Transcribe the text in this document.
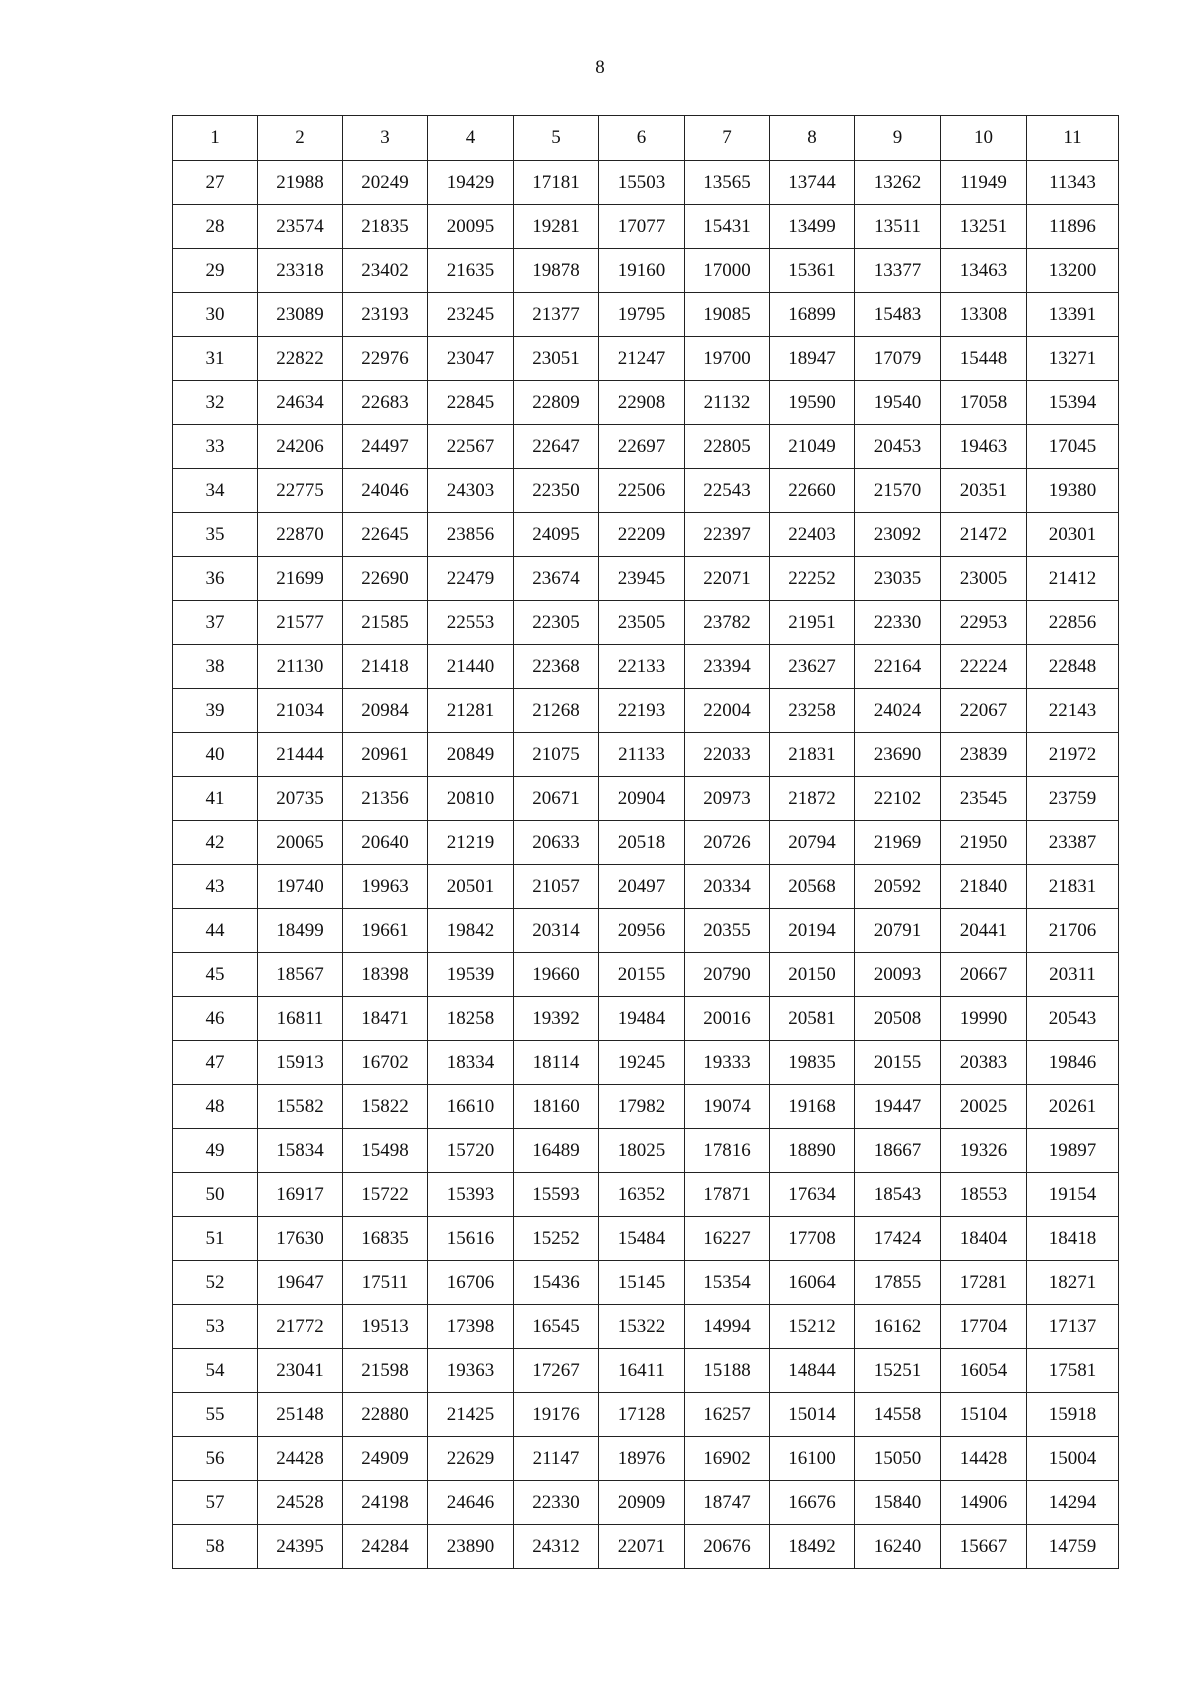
8
1	2	3	4	5	6	7	8	9	10	11
27	21988	20249	19429	17181	15503	13565	13744	13262	11949	11343
28	23574	21835	20095	19281	17077	15431	13499	13511	13251	11896
29	23318	23402	21635	19878	19160	17000	15361	13377	13463	13200
30	23089	23193	23245	21377	19795	19085	16899	15483	13308	13391
31	22822	22976	23047	23051	21247	19700	18947	17079	15448	13271
32	24634	22683	22845	22809	22908	21132	19590	19540	17058	15394
33	24206	24497	22567	22647	22697	22805	21049	20453	19463	17045
34	22775	24046	24303	22350	22506	22543	22660	21570	20351	19380
35	22870	22645	23856	24095	22209	22397	22403	23092	21472	20301
36	21699	22690	22479	23674	23945	22071	22252	23035	23005	21412
37	21577	21585	22553	22305	23505	23782	21951	22330	22953	22856
38	21130	21418	21440	22368	22133	23394	23627	22164	22224	22848
39	21034	20984	21281	21268	22193	22004	23258	24024	22067	22143
40	21444	20961	20849	21075	21133	22033	21831	23690	23839	21972
41	20735	21356	20810	20671	20904	20973	21872	22102	23545	23759
42	20065	20640	21219	20633	20518	20726	20794	21969	21950	23387
43	19740	19963	20501	21057	20497	20334	20568	20592	21840	21831
44	18499	19661	19842	20314	20956	20355	20194	20791	20441	21706
45	18567	18398	19539	19660	20155	20790	20150	20093	20667	20311
46	16811	18471	18258	19392	19484	20016	20581	20508	19990	20543
47	15913	16702	18334	18114	19245	19333	19835	20155	20383	19846
48	15582	15822	16610	18160	17982	19074	19168	19447	20025	20261
49	15834	15498	15720	16489	18025	17816	18890	18667	19326	19897
50	16917	15722	15393	15593	16352	17871	17634	18543	18553	19154
51	17630	16835	15616	15252	15484	16227	17708	17424	18404	18418
52	19647	17511	16706	15436	15145	15354	16064	17855	17281	18271
53	21772	19513	17398	16545	15322	14994	15212	16162	17704	17137
54	23041	21598	19363	17267	16411	15188	14844	15251	16054	17581
55	25148	22880	21425	19176	17128	16257	15014	14558	15104	15918
56	24428	24909	22629	21147	18976	16902	16100	15050	14428	15004
57	24528	24198	24646	22330	20909	18747	16676	15840	14906	14294
58	24395	24284	23890	24312	22071	20676	18492	16240	15667	14759
